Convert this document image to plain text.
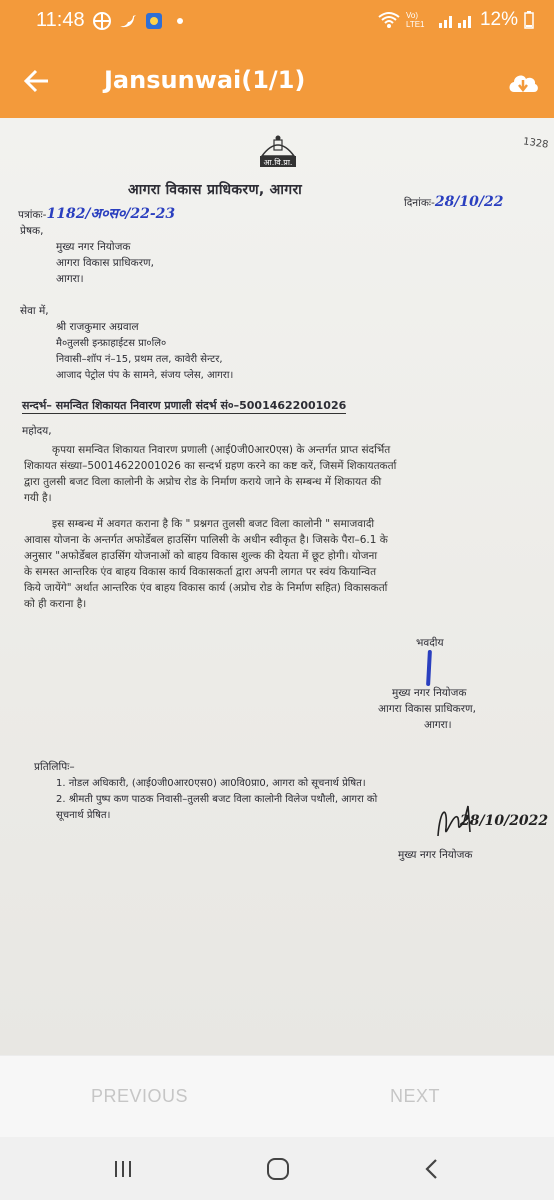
11:48	Vo) LTE1	12%
Jansunwai(1/1)
1328
आ.वि.प्रा.
आगरा विकास प्राधिकरण, आगरा
पत्रांकः-1182/अ०स०/22-23
दिनांकः-28/10/22
प्रेषक,
मुख्य नगर नियोजक
आगरा विकास प्राधिकरण,
आगरा।
सेवा में,
श्री राजकुमार अग्रवाल
मै०तुलसी इन्फ्राहाईटस प्रा०लि०
निवासी–शॉप नं–15, प्रथम तल, कावेरी सेन्टर,
आजाद पेट्रोल पंप के सामने, संजय प्लेस, आगरा।
सन्दर्भ– समन्वित शिकायत निवारण प्रणाली संदर्भ सं०–50014622001026
महोदय,
कृपया समन्वित शिकायत निवारण प्रणाली (आई0जी0आर0एस) के अन्तर्गत प्राप्त संदर्भित
शिकायत संख्या–50014622001026 का सन्दर्भ ग्रहण करने का कष्ट करें, जिसमें शिकायतकर्ता
द्वारा तुलसी बजट विला कालोनी के अप्रोच रोड के निर्माण कराये जाने के सम्बन्ध में शिकायत की
गयी है।
इस सम्बन्ध में अवगत कराना है कि " प्रश्नगत तुलसी बजट विला कालोनी " समाजवादी
आवास योजना के अन्तर्गत अफोर्डेबल हाउसिंग पालिसी के अधीन स्वीकृत है। जिसके पैरा–6.1 के
अनुसार "अफोर्डेबल हाउसिंग योजनाओं को बाहय विकास शुल्क की देयता में छूट होगी। योजना
के समस्त आन्तरिक एंव बाहय विकास कार्य विकासकर्ता द्वारा अपनी लागत पर स्वंय कियान्वित
किये जायेंगे" अर्थात आन्तरिक एंव बाहय विकास कार्य (अप्रोच रोड के निर्माण सहित) विकासकर्ता
को ही कराना है।
भवदीय
मुख्य नगर नियोजक
आगरा विकास प्राधिकरण,
आगरा।
प्रतिलिपिः–
1. नोडल अधिकारी, (आई0जी0आर0एस0) आ0वि0प्रा0, आगरा को सूचनार्थ प्रेषित।
2. श्रीमती पुष्प कण पाठक निवासी–तुलसी बजट विला कालोनी विलेज पथौली, आगरा को
सूचनार्थ प्रेषित।	28/10/2022
मुख्य नगर नियोजक
PREVIOUS	NEXT
